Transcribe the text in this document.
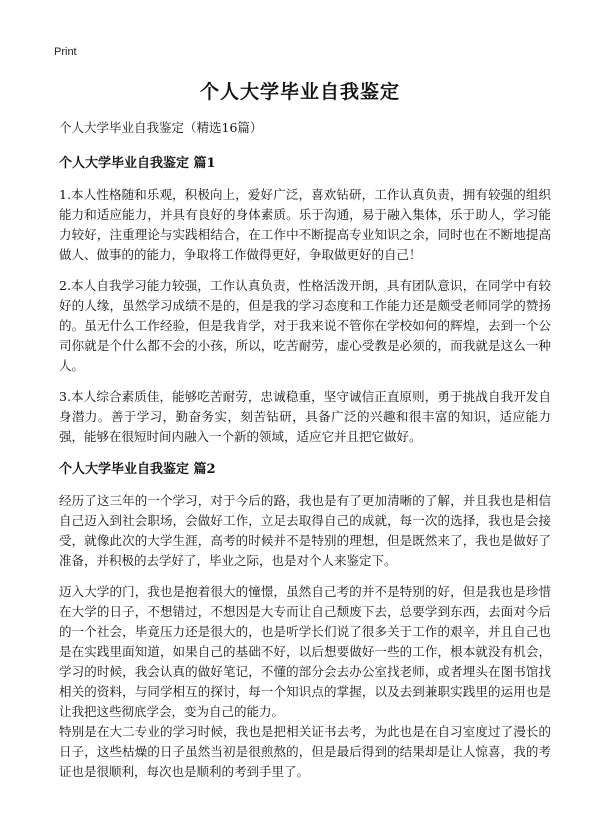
Print
个人大学毕业自我鉴定
个人大学毕业自我鉴定（精选16篇）
个人大学毕业自我鉴定 篇1

1.本人性格随和乐观，积极向上，爱好广泛，喜欢钻研，工作认真负责，拥有较强的组织能力和适应能力，并具有良好的身体素质。乐于沟通，易于融入集体，乐于助人，学习能力较好，注重理论与实践相结合，在工作中不断提高专业知识之余，同时也在不断地提高做人、做事的的能力，争取将工作做得更好，争取做更好的自己！

2.本人自我学习能力较强，工作认真负责，性格活泼开朗，具有团队意识，在同学中有较好的人缘，虽然学习成绩不是的，但是我的学习态度和工作能力还是颇受老师同学的赞扬的。虽无什么工作经验，但是我肯学，对于我来说不管你在学校如何的辉煌，去到一个公司你就是个什么都不会的小孩，所以，吃苦耐劳，虚心受教是必须的，而我就是这么一种人。

3.本人综合素质佳，能够吃苦耐劳，忠诚稳重，坚守诚信正直原则，勇于挑战自我开发自身潜力。善于学习，勤奋务实，刻苦钻研，具备广泛的兴趣和很丰富的知识，适应能力强，能够在很短时间内融入一个新的领域，适应它并且把它做好。

个人大学毕业自我鉴定 篇2

经历了这三年的一个学习，对于今后的路，我也是有了更加清晰的了解，并且我也是相信自己迈入到社会职场，会做好工作，立足去取得自己的成就，每一次的选择，我也是会接受，就像此次的大学生涯，高考的时候并不是特别的理想，但是既然来了，我也是做好了准备，并积极的去学好了，毕业之际，也是对个人来鉴定下。

迈入大学的门，我也是抱着很大的憧憬，虽然自己考的并不是特别的好，但是我也是珍惜在大学的日子，不想错过，不想因是大专而让自己颓废下去，总要学到东西，去面对今后的一个社会，毕竟压力还是很大的，也是听学长们说了很多关于工作的艰辛，并且自己也是在实践里面知道，如果自己的基础不好，以后想要做好一些的工作，根本就没有机会，学习的时候，我会认真的做好笔记，不懂的部分会去办公室找老师，或者埋头在图书馆找相关的资料，与同学相互的探讨，每一个知识点的掌握，以及去到兼职实践里的运用也是让我把这些彻底学会，变为自己的能力。

特别是在大二专业的学习时候，我也是把相关证书去考，为此也是在自习室度过了漫长的日子，这些枯燥的日子虽然当初是很煎熬的，但是最后得到的结果却是让人惊喜，我的考证也是很顺利，每次也是顺利的考到手里了。
